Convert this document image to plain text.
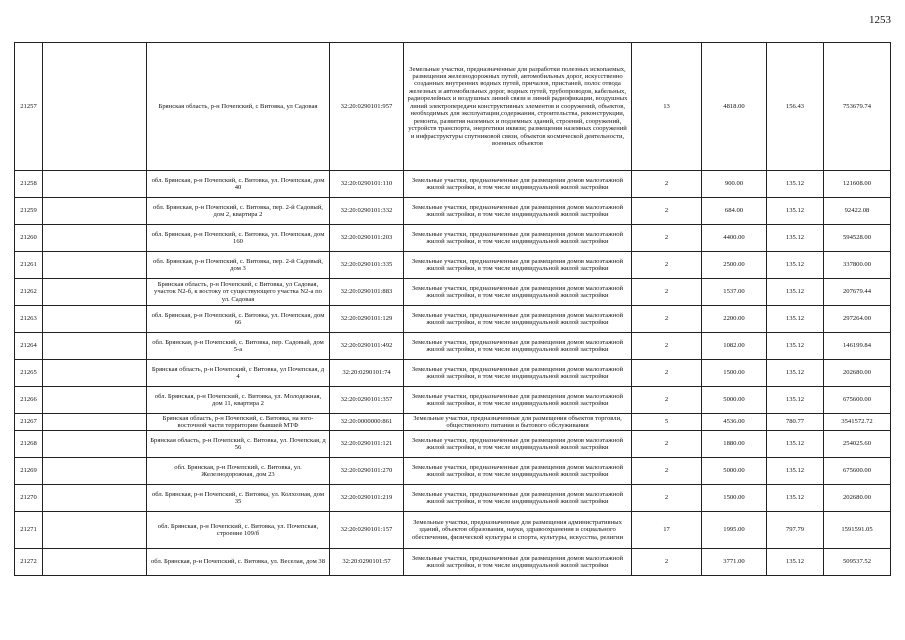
1253
21257		Брянская область, р-н Почепский, с Витовка, ул Садовая	32:20:0290101:957	Земельные участки, предназначенные для разработки полезных ископаемых, размещения железнодорожных путей, автомобильных дорог, искусственно созданных внутренних водных путей, причалов, пристаней, полос отвода железных и автомобильных дорог, водных путей, трубопроводов, кабельных, радиорелейных и воздушных линий связи и линий радиофикации, воздушных линий электропередачи конструктивных элементов и сооружений, объектов, необходимых для эксплуатации,содержания, строительства, реконструкции, ремонта, развития наземных и подземных зданий, строений, сооружений, устройств транспорта, энергетики иквязи; размещения наземных сооружений и инфраструктуры спутниковой связи, объектов космической деятельности, военных объектов	13	4818.00	156.43	753679.74
21258		обл. Брянская, р-н Почепский, с. Витовка, ул. Почепская, дом 40	32:20:0290101:110	Земельные участки, предназначенные для размещения домов малоэтажной жилой застройки, в том числе индивидуальной жилой застройки	2	900.00	135.12	121608.00
21259		обл. Брянская, р-н Почепский, с. Витовка, пер. 2-й Садовый, дом 2, квартира 2	32:20:0290101:332	Земельные участки, предназначенные для размещения домов малоэтажной жилой застройки, в том числе индивидуальной жилой застройки	2	684.00	135.12	92422.08
21260		обл. Брянская, р-н Почепский, с. Витовка, ул. Почепская, дом 160	32:20:0290101:203	Земельные участки, предназначенные для размещения домов малоэтажной жилой застройки, в том числе индивидуальной жилой застройки	2	4400.00	135.12	594528.00
21261		обл. Брянская, р-н Почепский, с. Витовка, пер. 2-й Садовый, дом 3	32:20:0290101:335	Земельные участки, предназначенные для размещения домов малоэтажной жилой застройки, в том числе индивидуальной жилой застройки	2	2500.00	135.12	337800.00
21262		Брянская область, р-н Почепский, с Витовка, ул Садовая, участок N2-б, к востоку от существующего участка N2-а по ул. Садовая	32:20:0290101:883	Земельные участки, предназначенные для размещения домов малоэтажной жилой застройки, в том числе индивидуальной жилой застройки	2	1537.00	135.12	207679.44
21263		обл. Брянская, р-н Почепский, с. Витовка, ул. Почепская, дом 66	32:20:0290101:129	Земельные участки, предназначенные для размещения домов малоэтажной жилой застройки, в том числе индивидуальной жилой застройки	2	2200.00	135.12	297264.00
21264		обл. Брянская, р-н Почепский, с. Витовка, пер. Садовый, дом 5-а	32:20:0290101:492	Земельные участки, предназначенные для размещения домов малоэтажной жилой застройки, в том числе индивидуальной жилой застройки	2	1082.00	135.12	146199.84
21265		Брянская область, р-н Почепский, с Витовка, ул Почепская, д 4	32:20:0290101:74	Земельные участки, предназначенные для размещения домов малоэтажной жилой застройки, в том числе индивидуальной жилой застройки	2	1500.00	135.12	202680.00
21266		обл. Брянская, р-н Почепский, с. Витовка, ул. Молодежная, дом 11, квартира 2	32:20:0290101:357	Земельные участки, предназначенные для размещения домов малоэтажной жилой застройки, в том числе индивидуальной жилой застройки	2	5000.00	135.12	675600.00
21267		Брянская область, р-н Почепский, с. Витовка, на юго-восточной части территории бывшей МТФ	32:20:0000000:861	Земельные участки, предназначенные для размещения объектов торговли, общественного питания и бытового обслуживания	5	4536.00	780.77	3541572.72
21268		Брянская область, р-н Почепский, с. Витовка, ул. Почепская, д 56	32:20:0290101:121	Земельные участки, предназначенные для размещения домов малоэтажной жилой застройки, в том числе индивидуальной жилой застройки	2	1880.00	135.12	254025.60
21269		обл. Брянская, р-н Почепский, с. Витовка, ул. Железнодорожная, дом 23	32:20:0290101:270	Земельные участки, предназначенные для размещения домов малоэтажной жилой застройки, в том числе индивидуальной жилой застройки	2	5000.00	135.12	675600.00
21270		обл. Брянская, р-н Почепский, с. Витовка, ул. Колхозная, дом 35	32:20:0290101:219	Земельные участки, предназначенные для размещения домов малоэтажной жилой застройки, в том числе индивидуальной жилой застройки	2	1500.00	135.12	202680.00
21271		обл. Брянская, р-н Почепский, с. Витовка, ул. Почепская, строение 109/б	32:20:0290101:157	Земельные участки, предназначенные для размещения административных зданий, объектов образования, науки, здравоохранения и социального обеспечения, физической культуры и спорта, культуры, искусства, религии	17	1995.00	797.79	1591591.05
21272		обл. Брянская, р-н Почепский, с. Витовка, ул. Веселая, дом 38	32:20:0290101:57	Земельные участки, предназначенные для размещения домов малоэтажной жилой застройки, в том числе индивидуальной жилой застройки	2	3771.00	135.12	509537.52
